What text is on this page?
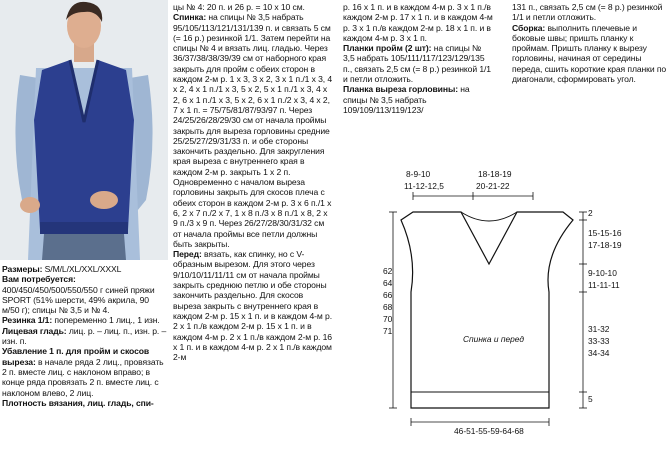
Размеры: S/M/L/XL/XXL/XXXL

Вам потребуется: 400/450/450/500/550/550 г синей пряжи SPORT (51% шерсти, 49% акрила, 90 м/50 г); спицы № 3,5 и № 4.

Резинка 1/1: попеременно 1 лиц., 1 изн.

Лицевая гладь: лиц. р. – лиц. п., изн. р. – изн. п.

Убавление 1 п. для пройм и скосов выреза: в начале ряда 2 лиц., провязать 2 п. вместе лиц. с наклоном вправо; в конце ряда провязать 2 п. вместе лиц. с наклоном влево, 2 лиц.

Плотность вязания, лиц. гладь, спи-

цы № 4: 20 п. и 26 р. = 10 х 10 см.

Спинка: на спицы № 3,5 набрать 95/105/113/121/131/139 п. и связать 5 см (= 16 р.) резинкой 1/1. Затем перейти на спицы № 4 и вязать лиц. гладью. Через 36/37/38/38/39/39 см от наборного края закрыть для пройм с обеих сторон в каждом 2-м р. 1 х 3, 3 х 2, 3 х 1 п./1 х 3, 4 х 2, 4 х 1 п./1 х 3, 5 х 2, 5 х 1 п./1 х 3, 4 х 2, 6 х 1 п./1 х 3, 5 х 2, 6 х 1 п./2 х 3, 4 х 2, 7 х 1 п. = 75/75/81/87/93/97 п. Через 24/25/26/28/29/30 см от начала проймы закрыть для выреза горловины средние 25/25/27/29/31/33 п. и обе стороны закончить раздельно. Для закругления края выреза с внутреннего края в каждом 2-м р. закрыть 1 х 2 п. Одновременно с началом выреза горловины закрыть для скосов плеча с обеих сторон в каждом 2-м р. 3 х 6 п./1 х 6, 2 х 7 п./2 х 7, 1 х 8 п./3 х 8 п./1 х 8, 2 х 9 п./3 х 9 п. Через 26/27/28/30/31/32 см от начала проймы все петли должны быть закрыты.

Перед: вязать, как спинку, но с V-образным вырезом. Для этого через 9/10/10/11/11/11 см от начала проймы закрыть среднюю петлю и обе стороны закончить раздельно. Для скосов выреза закрыть с внутреннего края в каждом 2-м р. 15 х 1 п. и в каждом 4-м р. 2 х 1 п./в каждом 2-м р. 15 х 1 п. и в каждом 4-м р. 2 х 1 п./в каждом 2-м р. 16 х 1 п. и в каждом 4-м р. 2 х 1 п./в каждом 2-м

р. 16 х 1 п. и в каждом 4-м р. 3 х 1 п./в каждом 2-м р. 17 х 1 п. и в каждом 4-м р. 3 х 1 п./в каждом 2-м р. 18 х 1 п. и в каждом 4-м р. 3 х 1 п.

Планки пройм (2 шт): на спицы № 3,5 набрать 105/111/117/123/129/135 п., связать 2,5 см (= 8 р.) резинкой 1/1 и петли отложить.

Планка выреза горловины: на спицы № 3,5 набрать 109/109/113/119/123/

131 п., связать 2,5 см (= 8 р.) резинкой 1/1 и петли отложить.

Сборка: выполнить плечевые и боковые швы; пришть планку к проймам. Пришть планку к вырезу горловины, начиная от середины переда, сшить короткие края планки по диагонали, сформировать угол.

8-9-10
11-12-12,5
18-18-19
20-21-22
2
15-15-16
17-18-19
9-10-10
11-11-11
31-32
33-33
34-34
5
62
64
66
68
70
71
Спинка и перед
46-51-55-59-64-68
